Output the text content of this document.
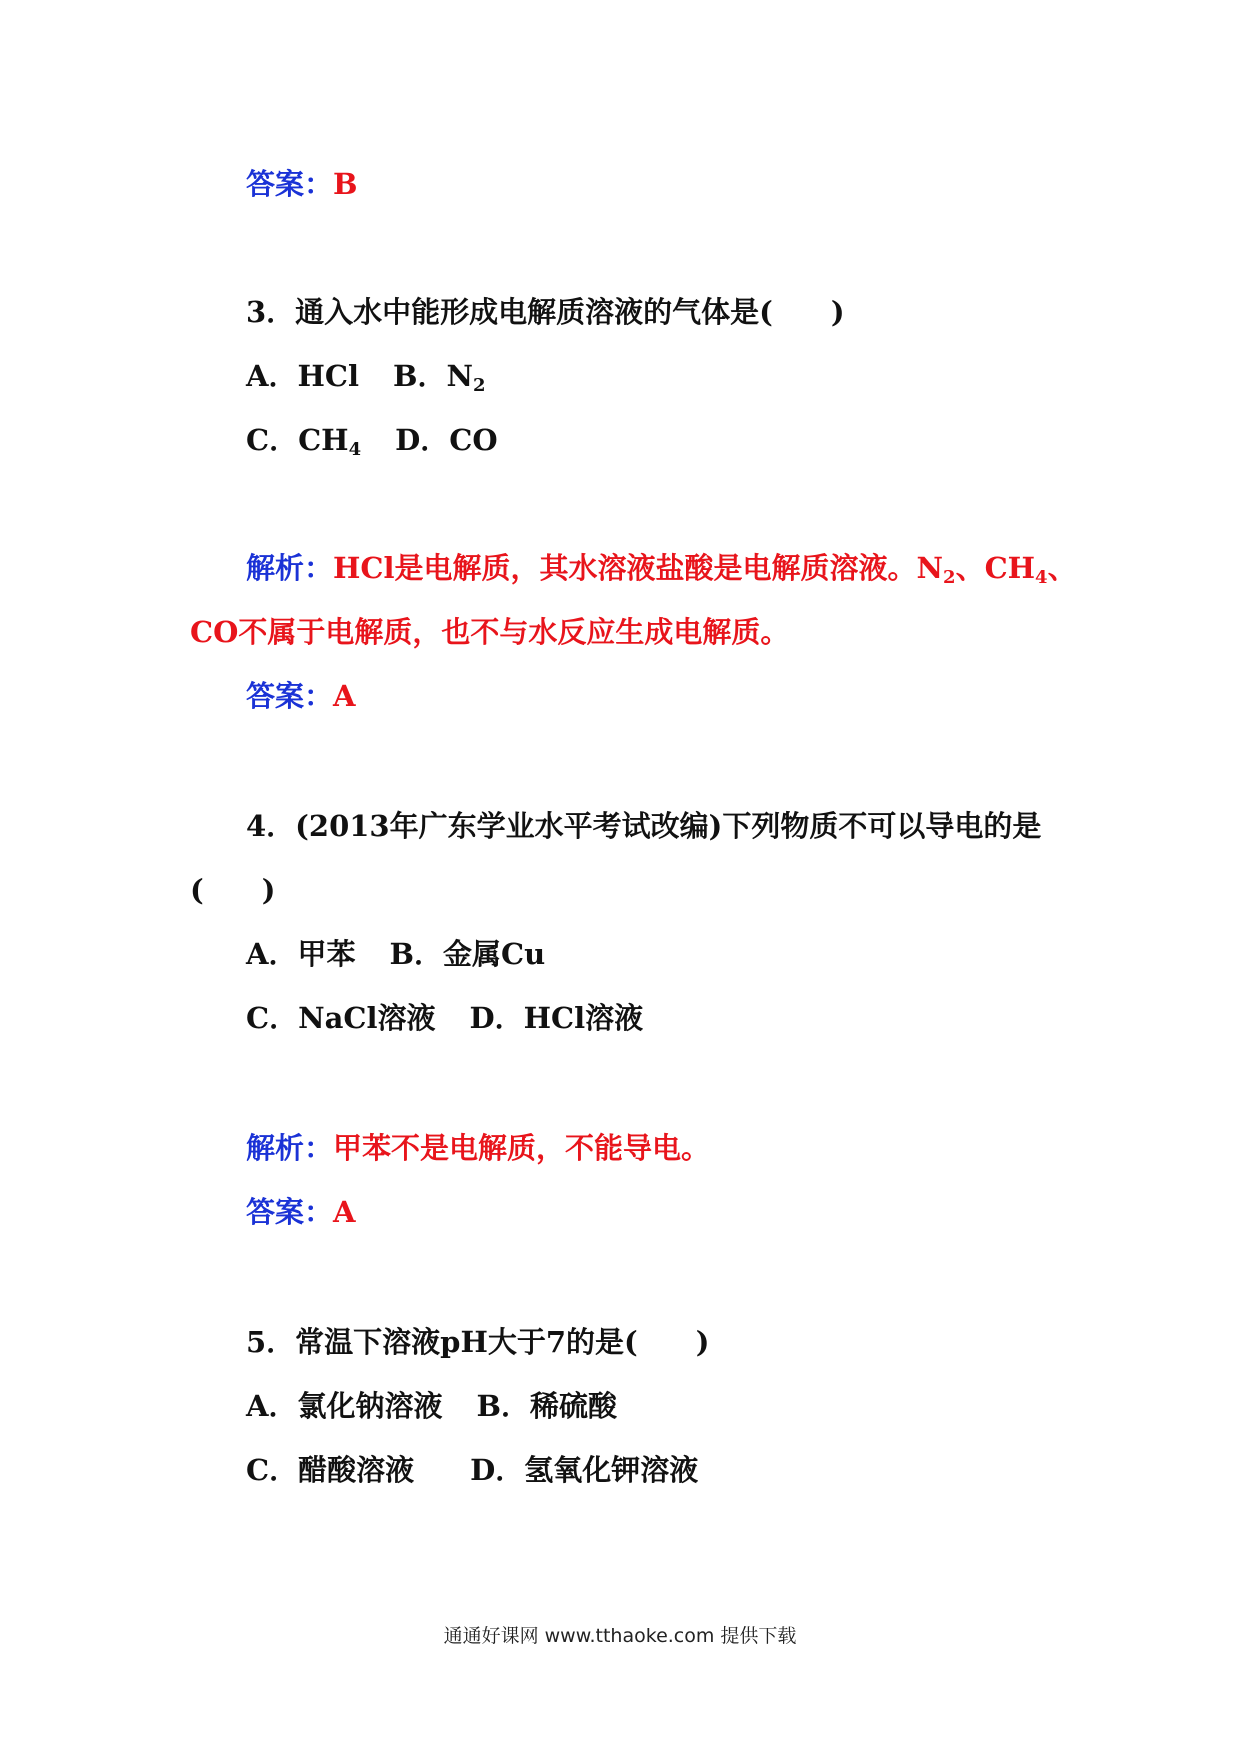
答案：B
3．通入水中能形成电解质溶液的气体是(　　)
A．HCl B．$N_2$
C．$CH_4$ D．CO
解析：HCl是电解质，其水溶液盐酸是电解质溶液。$N_2$、$CH_4$、
CO不属于电解质，也不与水反应生成电解质。
答案：A
4．(2013年广东学业水平考试改编)下列物质不可以导电的是
(　　)
A．甲苯 B．金属Cu
C．NaCl溶液 D．HCl溶液
解析：甲苯不是电解质，不能导电。
答案：A
5．常温下溶液pH大于7的是(　　)
A．氯化钠溶液 B．稀硫酸
C．醋酸溶液 D．氢氧化钾溶液
通通好课网 www.tthaoke.com 提供下载
